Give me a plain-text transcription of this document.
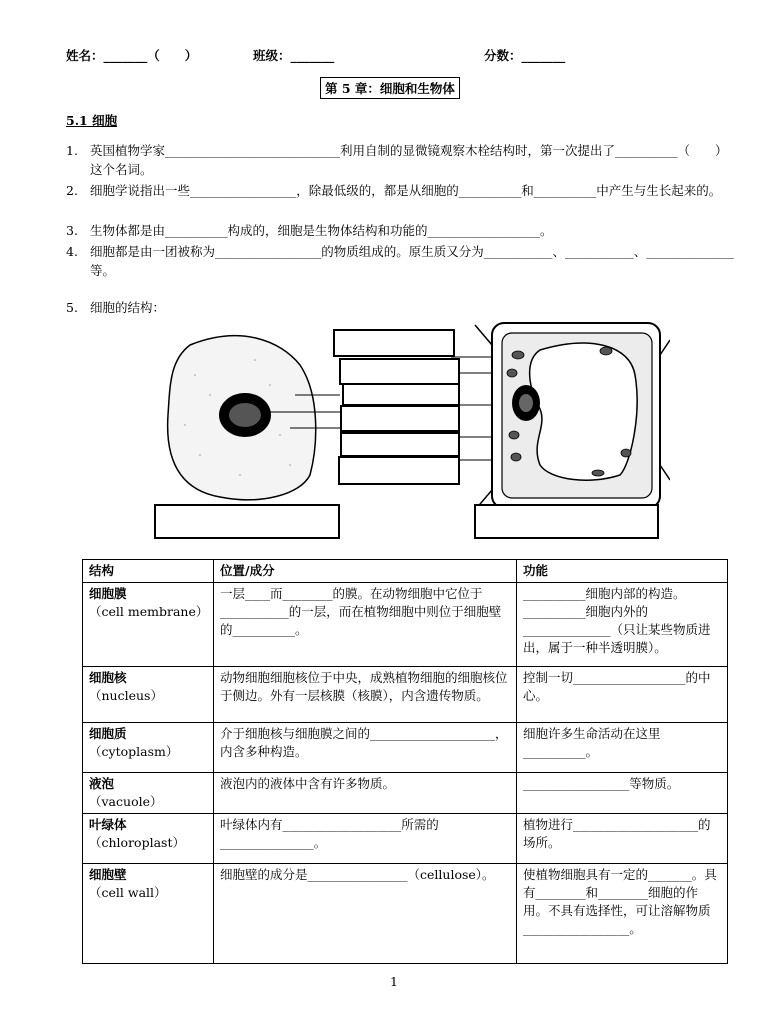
姓名：_______（　　）	班级：_______	分数：_______
第 5 章：细胞和生物体
5.1 细胞
1. 英国植物学家____________________________利用自制的显微镜观察木栓结构时，第一次提出了__________（　　）这个名词。
2. 细胞学说指出一些_________________，除最低级的，都是从细胞的__________和__________中产生与生长起来的。
3. 生物体都是由__________构成的，细胞是生物体结构和功能的__________________。
4. 细胞都是由一团被称为_________________的物质组成的。原生质又分为___________、___________、______________等。
5. 细胞的结构：
结构	位置/成分	功能

细胞膜
（cell membrane）	一层____而________的膜。在动物细胞中它位于___________的一层，而在植物细胞中则位于细胞壁的__________。	__________细胞内部的构造。__________细胞内外的______________（只让某些物质进出，属于一种半透明膜）。

细胞核
（nucleus）	动物细胞细胞核位于中央，成熟植物细胞的细胞核位于侧边。外有一层核膜（核膜），内含遗传物质。	控制一切__________________的中心。

细胞质
（cytoplasm）	介于细胞核与细胞膜之间的____________________，内含多种构造。	细胞许多生命活动在这里__________。

液泡
（vacuole）	液泡内的液体中含有许多物质。	_________________等物质。

叶绿体
（chloroplast）	叶绿体内有___________________所需的_______________。	植物进行____________________的场所。

细胞壁
（cell wall）	细胞壁的成分是________________（cellulose）。	使植物细胞具有一定的_______。具有________和________细胞的作用。不具有选择性，可让溶解物质_________________。
1
